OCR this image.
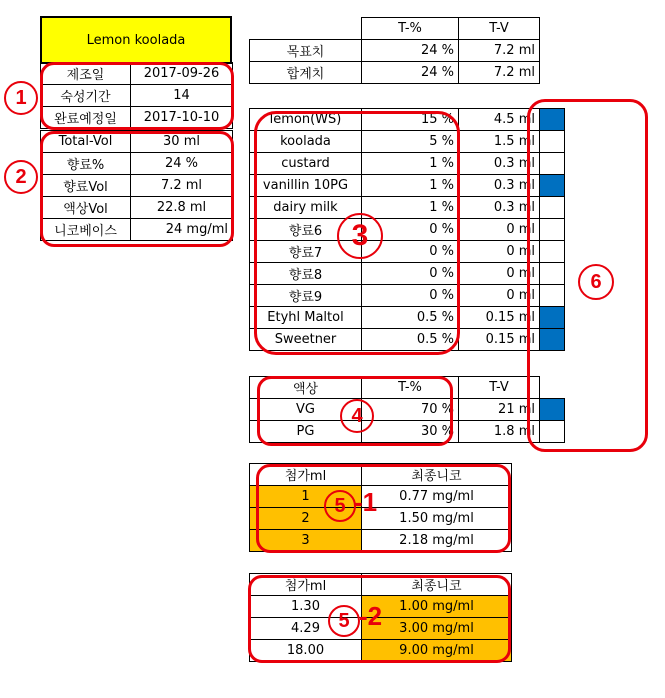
Lemon koolada
제조일	2017-09-26
숙성기간	14
완료예정일	2017-10-10
Total-Vol	30 ml
향료%	24 %
향료Vol	7.2 ml
액상Vol	22.8 ml
니코베이스	24 mg/ml
	T-%	T-V
목표치	24 %	7.2 ml
합계치	24 %	7.2 ml
lemon(WS)	15 %	4.5 ml	
koolada	5 %	1.5 ml	
custard	1 %	0.3 ml	
vanillin 10PG	1 %	0.3 ml	
dairy milk	1 %	0.3 ml	
향료6	0 %	0 ml	
향료7	0 %	0 ml	
향료8	0 %	0 ml	
향료9	0 %	0 ml	
Etyhl Maltol	0.5 %	0.15 ml	
Sweetner	0.5 %	0.15 ml	
액상	T-%	T-V	
VG	70 %	21 ml	
PG	30 %	1.8 ml	
첨가ml	최종니코
1	0.77 mg/ml
2	1.50 mg/ml
3	2.18 mg/ml
첨가ml	최종니코
1.30	1.00 mg/ml
4.29	3.00 mg/ml
18.00	9.00 mg/ml
1
2
3
4
5 -1
5 -2
6
